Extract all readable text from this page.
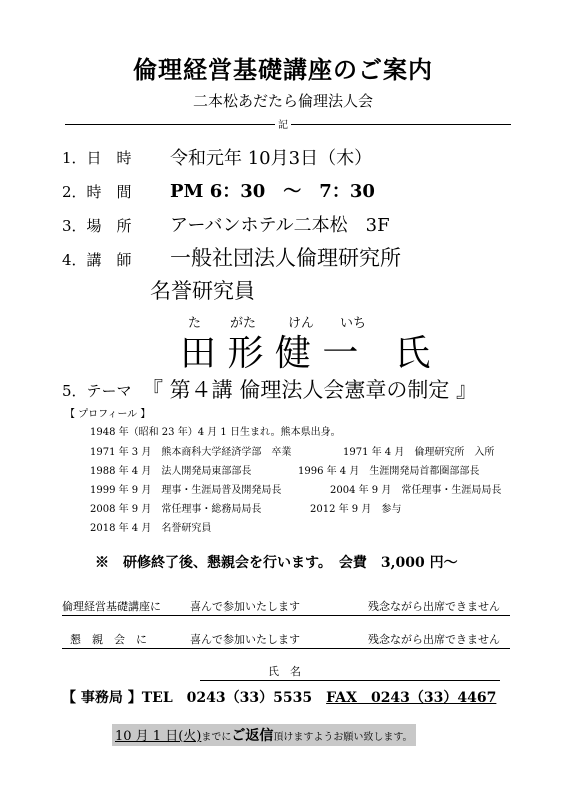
倫理経営基礎講座のご案内
二本松あだたら倫理法人会
記
1．日　時 令和元年 10月3日（木）
2．時　間 PM 6：30　～　7：30
3．場　所 アーバンホテル二本松　3F
4．講　師 一般社団法人倫理研究所
名誉研究員
た がた けん いち
田 形 健 一　氏
5．テーマ 『 第４講 倫理法人会憲章の制定 』
【 プロフィール 】
1948 年（昭和 23 年）4 月 1 日生まれ。熊本県出身。
1971 年 3 月　熊本商科大学経済学部　卒業	1971 年 4 月　倫理研究所　入所
1988 年 4 月　法人開発局東部部長	1996 年 4 月　生涯開発局首都圏部部長
1999 年 9 月　理事・生涯局普及開発局長	2004 年 9 月　常任理事・生涯局局長
2008 年 9 月　常任理事・総務局局長	2012 年 9 月　参与
2018 年 4 月　名誉研究員
※　研修終了後、懇親会を行います。　会費　3,000 円～
倫理経営基礎講座に	喜んで参加いたします	残念ながら出席できません
懇　親　会　に	喜んで参加いたします	残念ながら出席できません
氏　名
【 事務局 】TEL　0243（33）5535　 FAX　0243（33）4467
10 月 1 日(火)までにご返信頂けますようお願い致します。
